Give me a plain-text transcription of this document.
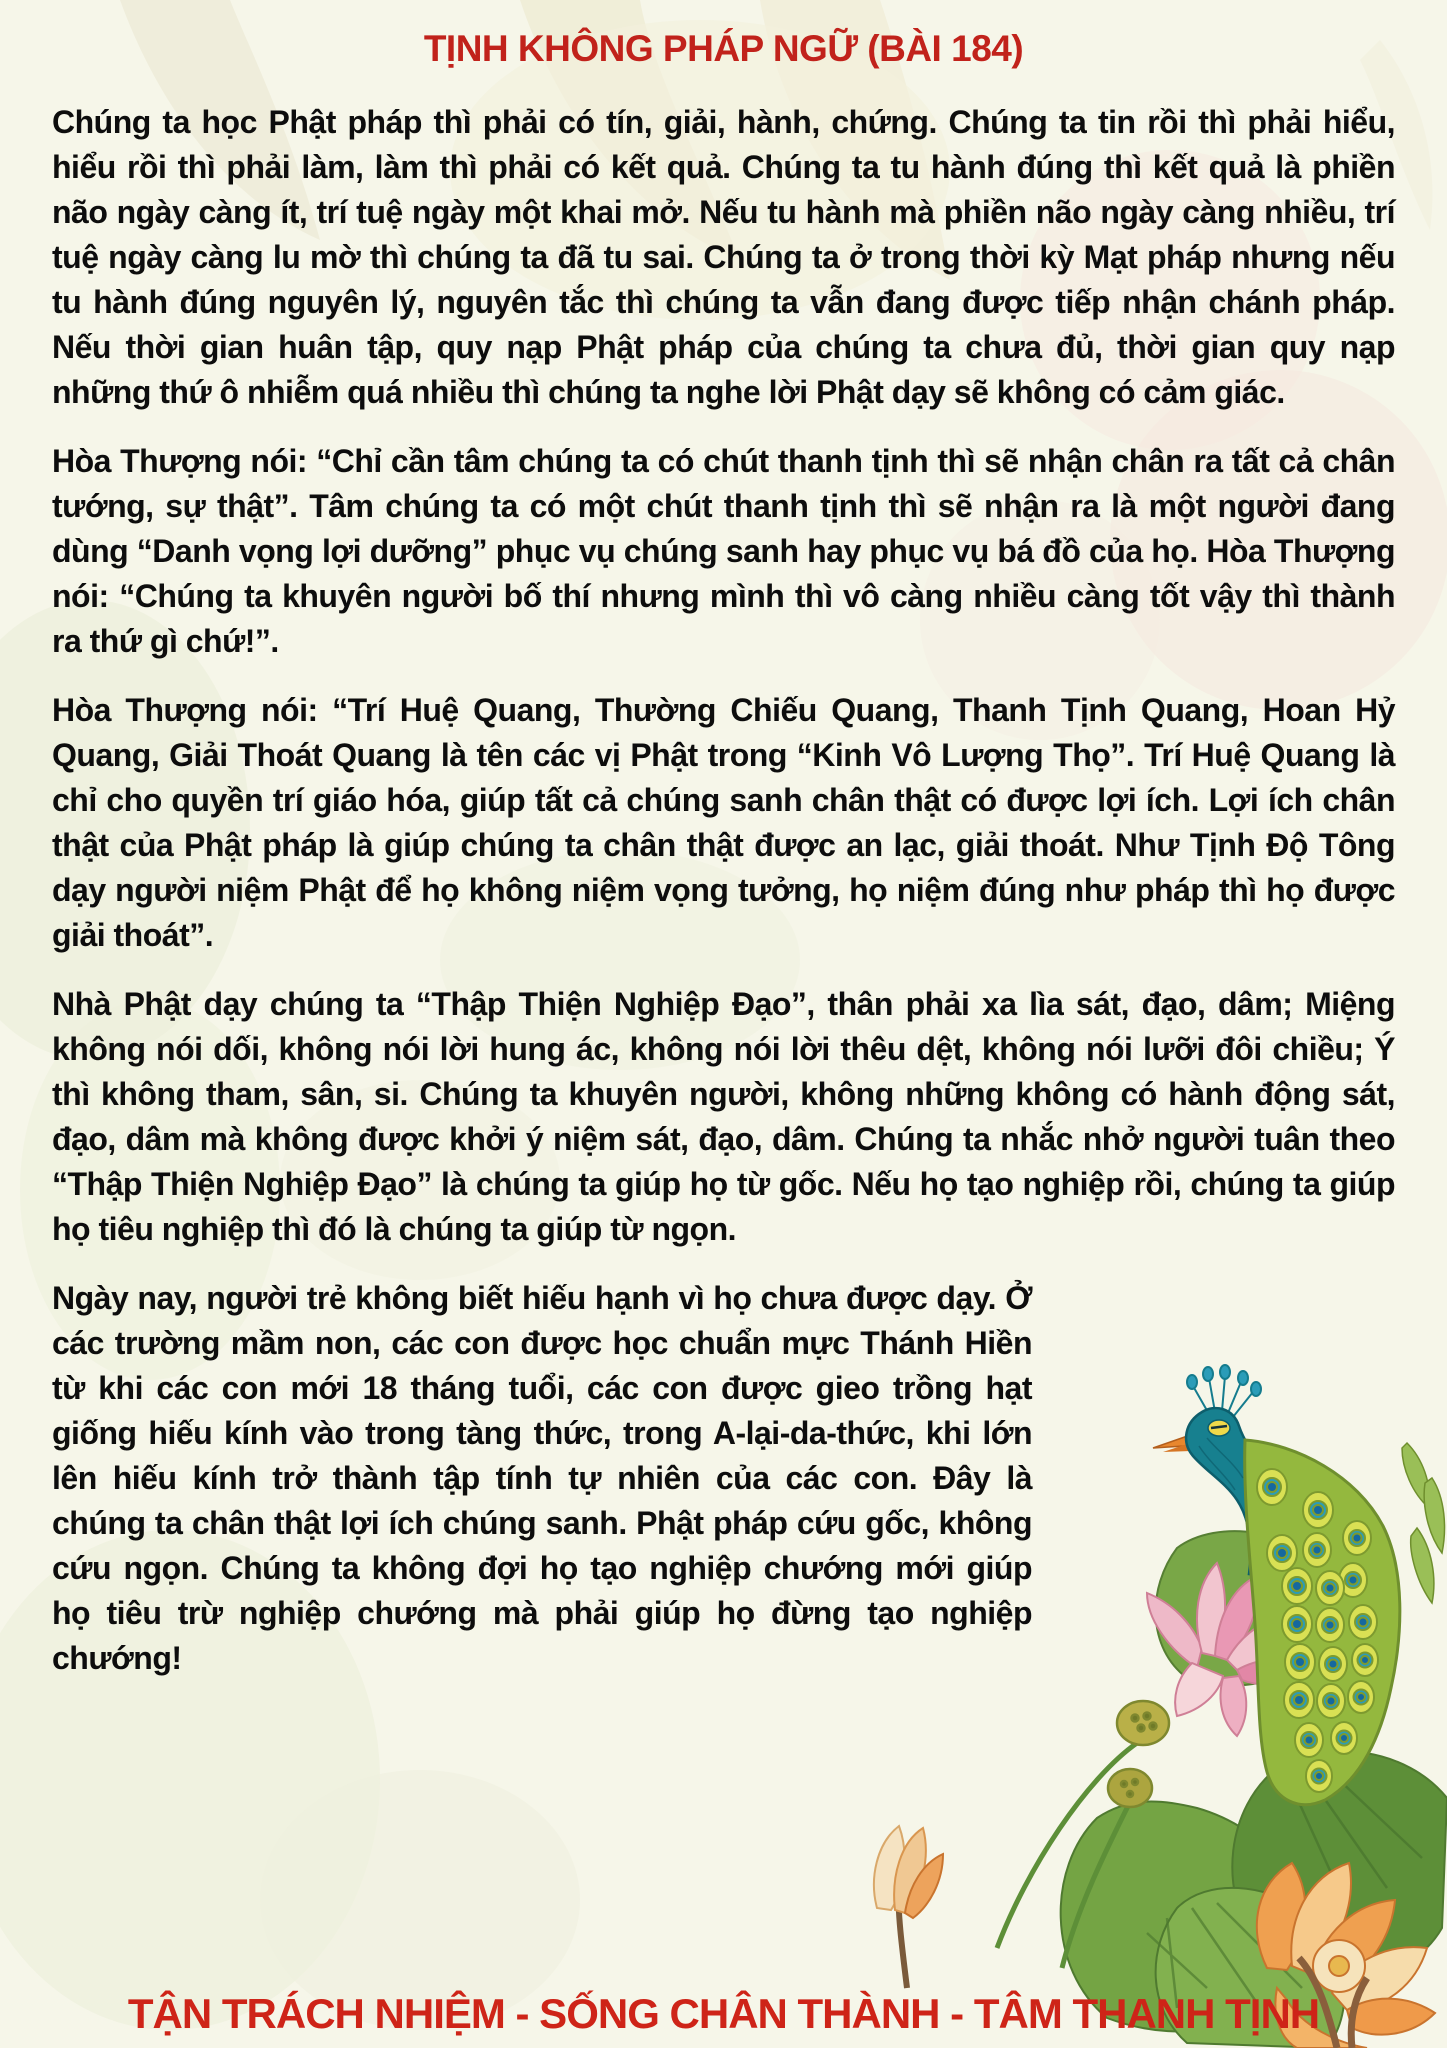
TỊNH KHÔNG PHÁP NGỮ (BÀI 184)

Chúng ta học Phật pháp thì phải có tín, giải, hành, chứng. Chúng ta tin rồi thì phải hiểu, hiểu rồi thì phải làm, làm thì phải có kết quả. Chúng ta tu hành đúng thì kết quả là phiền não ngày càng ít, trí tuệ ngày một khai mở. Nếu tu hành mà phiền não ngày càng nhiều, trí tuệ ngày càng lu mờ thì chúng ta đã tu sai. Chúng ta ở trong thời kỳ Mạt pháp nhưng nếu tu hành đúng nguyên lý, nguyên tắc thì chúng ta vẫn đang được tiếp nhận chánh pháp. Nếu thời gian huân tập, quy nạp Phật pháp của chúng ta chưa đủ, thời gian quy nạp những thứ ô nhiễm quá nhiều thì chúng ta nghe lời Phật dạy sẽ không có cảm giác.

Hòa Thượng nói: “Chỉ cần tâm chúng ta có chút thanh tịnh thì sẽ nhận chân ra tất cả chân tướng, sự thật”. Tâm chúng ta có một chút thanh tịnh thì sẽ nhận ra là một người đang dùng “Danh vọng lợi dưỡng” phục vụ chúng sanh hay phục vụ bá đồ của họ. Hòa Thượng nói: “Chúng ta khuyên người bố thí nhưng mình thì vô càng nhiều càng tốt vậy thì thành ra thứ gì chứ!”.

Hòa Thượng nói: “Trí Huệ Quang, Thường Chiếu Quang, Thanh Tịnh Quang, Hoan Hỷ Quang, Giải Thoát Quang là tên các vị Phật trong “Kinh Vô Lượng Thọ”. Trí Huệ Quang là chỉ cho quyền trí giáo hóa, giúp tất cả chúng sanh chân thật có được lợi ích. Lợi ích chân thật của Phật pháp là giúp chúng ta chân thật được an lạc, giải thoát. Như Tịnh Độ Tông dạy người niệm Phật để họ không niệm vọng tưởng, họ niệm đúng như pháp thì họ được giải thoát”.

Nhà Phật dạy chúng ta “Thập Thiện Nghiệp Đạo”, thân phải xa lìa sát, đạo, dâm; Miệng không nói dối, không nói lời hung ác, không nói lời thêu dệt, không nói lưỡi đôi chiều; Ý thì không tham, sân, si. Chúng ta khuyên người, không những không có hành động sát, đạo, dâm mà không được khởi ý niệm sát, đạo, dâm. Chúng ta nhắc nhở người tuân theo “Thập Thiện Nghiệp Đạo” là chúng ta giúp họ từ gốc. Nếu họ tạo nghiệp rồi, chúng ta giúp họ tiêu nghiệp thì đó là chúng ta giúp từ ngọn.

Ngày nay, người trẻ không biết hiếu hạnh vì họ chưa được dạy. Ở các trường mầm non, các con được học chuẩn mực Thánh Hiền từ khi các con mới 18 tháng tuổi, các con được gieo trồng hạt giống hiếu kính vào trong tàng thức, trong A-lại-da-thức, khi lớn lên hiếu kính trở thành tập tính tự nhiên của các con. Đây là chúng ta chân thật lợi ích chúng sanh. Phật pháp cứu gốc, không cứu ngọn. Chúng ta không đợi họ tạo nghiệp chướng mới giúp họ tiêu trừ nghiệp chướng mà phải giúp họ đừng tạo nghiệp chướng!

TẬN TRÁCH NHIỆM - SỐNG CHÂN THÀNH - TÂM THANH TỊNH
